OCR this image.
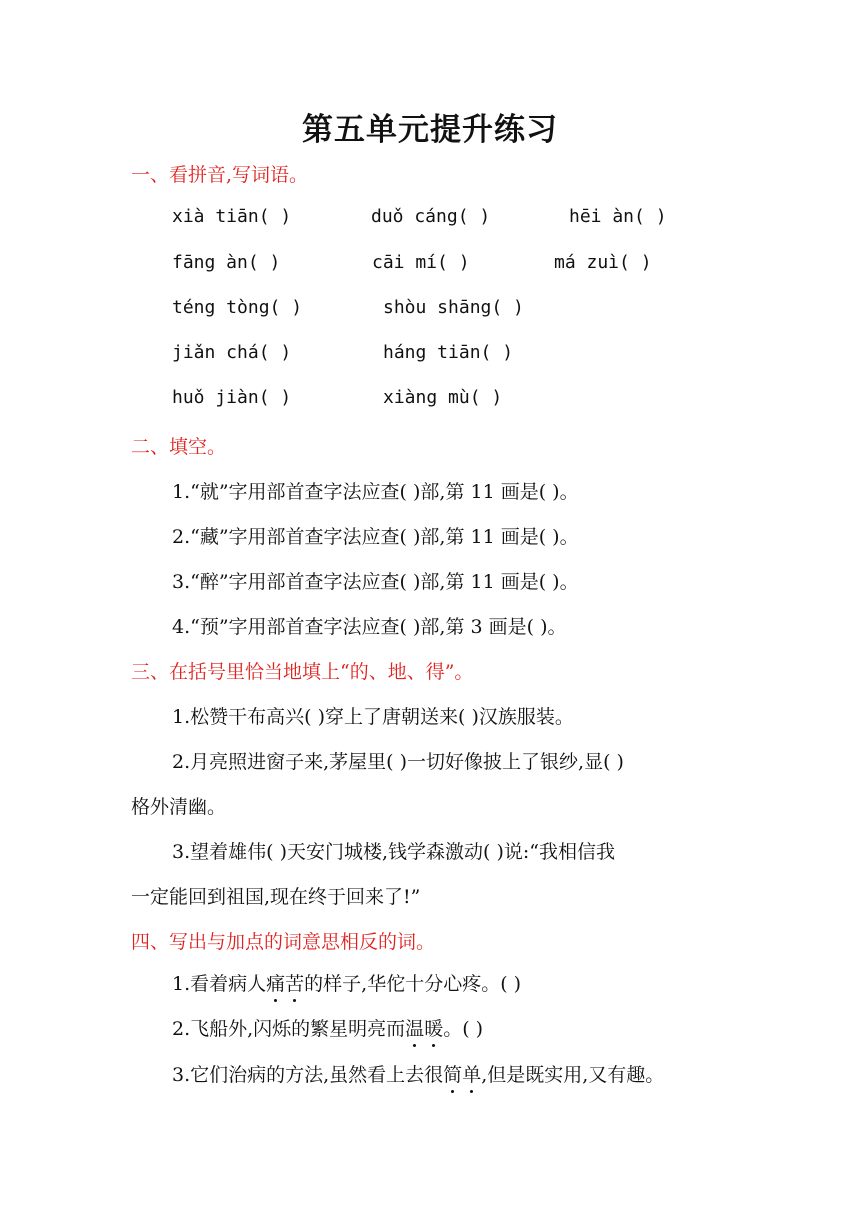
第五单元提升练习
一、看拼音,写词语。
xià tiān( )	duǒ cáng( )	hēi àn( )
fāng àn( )	cāi mí( )	má zuì( )
téng tòng( )	shòu shāng( )
jiǎn chá( )	háng tiān( )
huǒ jiàn( )	xiàng mù( )
二、填空。
1.“就”字用部首查字法应查( )部,第 11 画是( )。
2.“藏”字用部首查字法应查( )部,第 11 画是( )。
3.“醉”字用部首查字法应查( )部,第 11 画是( )。
4.“预”字用部首查字法应查( )部,第 3 画是( )。
三、在括号里恰当地填上“的、地、得”。
1.松赞干布高兴( )穿上了唐朝送来( )汉族服装。
2.月亮照进窗子来,茅屋里( )一切好像披上了银纱,显( )
格外清幽。
3.望着雄伟( )天安门城楼,钱学森激动( )说:“我相信我
一定能回到祖国,现在终于回来了!”
四、写出与加点的词意思相反的词。
1.看着病人痛苦的样子,华佗十分心疼。( )
2.飞船外,闪烁的繁星明亮而温暖。( )
3.它们治病的方法,虽然看上去很简单,但是既实用,又有趣。
